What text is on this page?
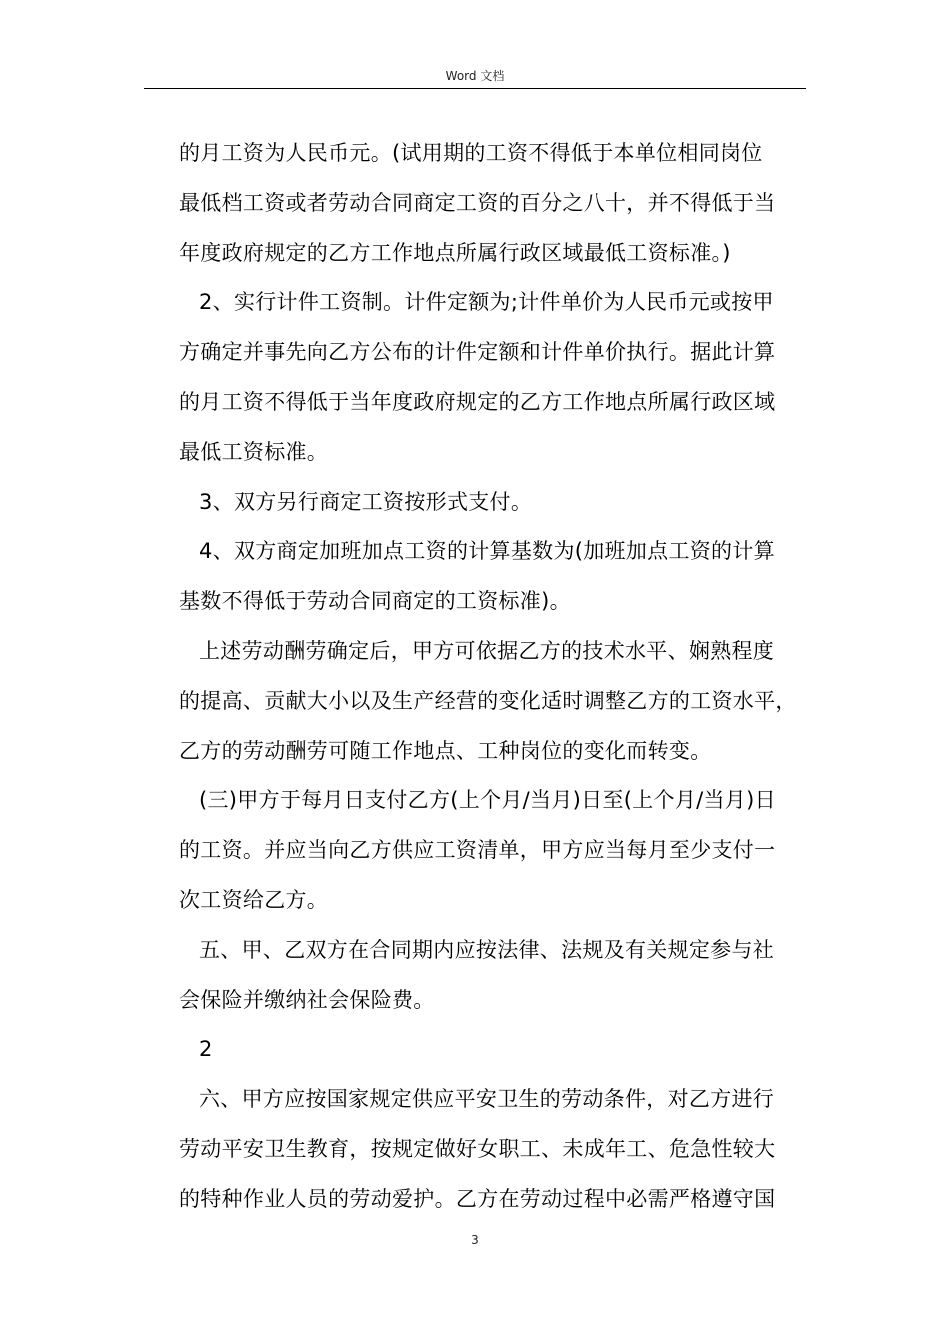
Word 文档
的月工资为人民币元。(试用期的工资不得低于本单位相同岗位
最低档工资或者劳动合同商定工资的百分之八十，并不得低于当
年度政府规定的乙方工作地点所属行政区域最低工资标准。)
2、实行计件工资制。计件定额为;计件单价为人民币元或按甲
方确定并事先向乙方公布的计件定额和计件单价执行。据此计算
的月工资不得低于当年度政府规定的乙方工作地点所属行政区域
最低工资标准。
3、双方另行商定工资按形式支付。
4、双方商定加班加点工资的计算基数为(加班加点工资的计算
基数不得低于劳动合同商定的工资标准)。
上述劳动酬劳确定后，甲方可依据乙方的技术水平、娴熟程度
的提高、贡献大小以及生产经营的变化适时调整乙方的工资水平，
乙方的劳动酬劳可随工作地点、工种岗位的变化而转变。
(三)甲方于每月日支付乙方(上个月/当月)日至(上个月/当月)日
的工资。并应当向乙方供应工资清单，甲方应当每月至少支付一
次工资给乙方。
五、甲、乙双方在合同期内应按法律、法规及有关规定参与社
会保险并缴纳社会保险费。
2
六、甲方应按国家规定供应平安卫生的劳动条件，对乙方进行
劳动平安卫生教育，按规定做好女职工、未成年工、危急性较大
的特种作业人员的劳动爱护。乙方在劳动过程中必需严格遵守国
3
